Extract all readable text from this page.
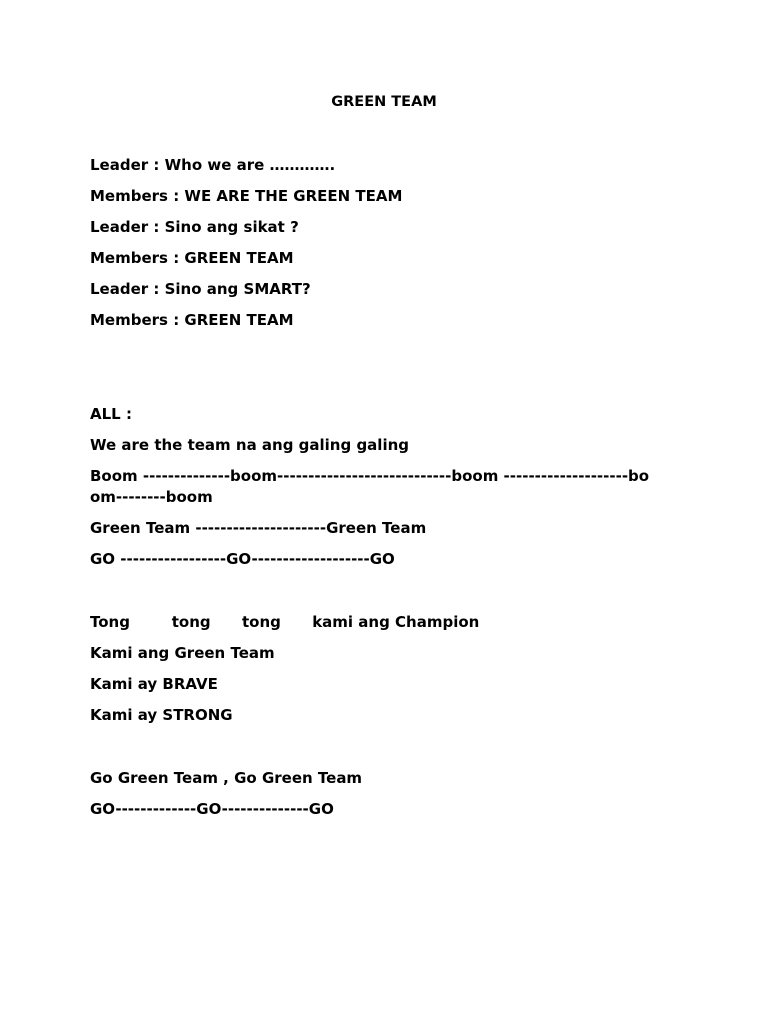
GREEN TEAM

Leader : Who we are ………….

Members : WE ARE THE GREEN TEAM

Leader : Sino ang sikat ?

Members : GREEN TEAM

Leader : Sino ang SMART?

Members : GREEN TEAM

ALL :

We are the team na ang galing galing

Boom --------------boom----------------------------boom --------------------boom--------boom

Green Team ---------------------Green Team

GO -----------------GO-------------------GO

Tong        tong      tong      kami ang Champion

Kami ang Green Team

Kami ay BRAVE

Kami ay STRONG

Go Green Team , Go Green Team

GO-------------GO--------------GO
